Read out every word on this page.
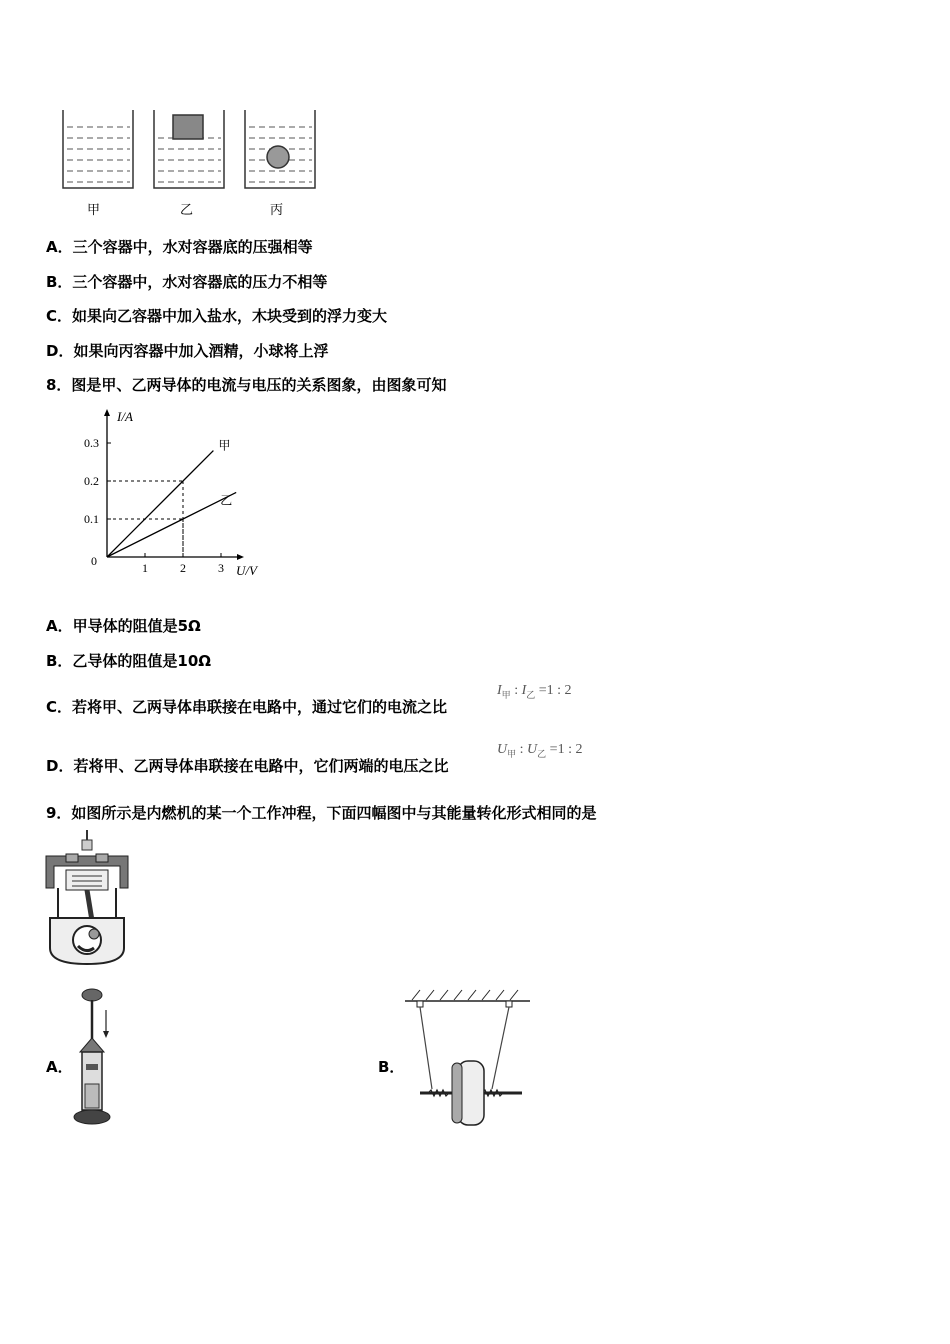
甲	乙	丙
A．三个容器中，水对容器底的压强相等
B．三个容器中，水对容器底的压力不相等
C．如果向乙容器中加入盐水，木块受到的浮力变大
D．如果向丙容器中加入酒精，小球将上浮
8．图是甲、乙两导体的电流与电压的关系图象，由图象可知
I/A
U/V
0	1	2	3
0.1
0.2
0.3	甲
乙
A．甲导体的阻值是5Ω
B．乙导体的阻值是10Ω
C．若将甲、乙两导体串联接在电路中，通过它们的电流之比
$I_甲$ : $I_乙 =1$ : 2
D．若将甲、乙两导体串联接在电路中，它们两端的电压之比
$U_甲$ : $U_乙 =1$ : 2
9．如图所示是内燃机的某一个工作冲程，下面四幅图中与其能量转化形式相同的是
A．	B．
